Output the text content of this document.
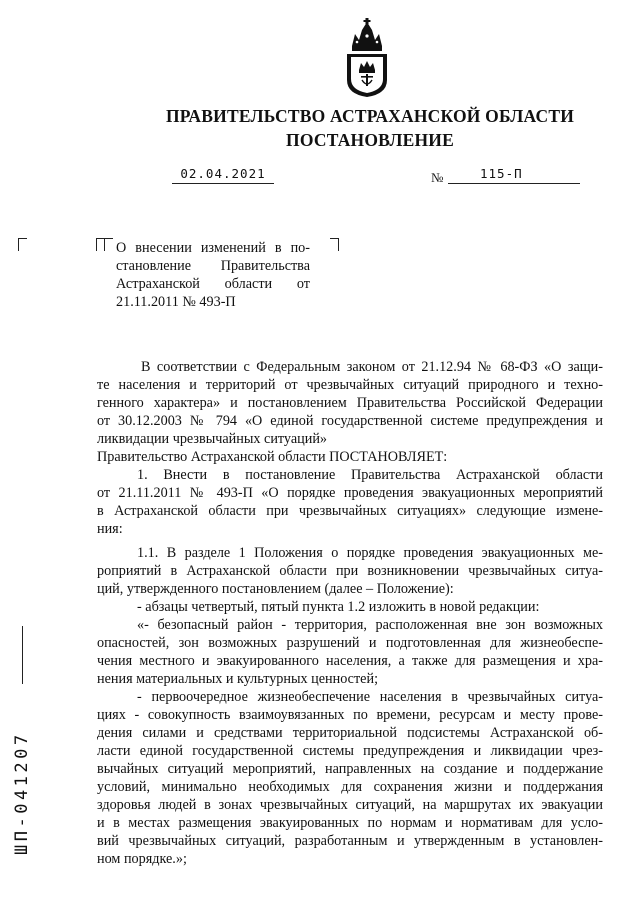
ПРАВИТЕЛЬСТВО АСТРАХАНСКОЙ ОБЛАСТИ
ПОСТАНОВЛЕНИЕ
02.04.2021	№	115-П
О внесении изменений в по-
становление Правительства
Астраханской области от
21.11.2011 № 493-П
В соответствии с Федеральным законом от 21.12.94 № 68-ФЗ «О защи-
те населения и территорий от чрезвычайных ситуаций природного и техно-
генного характера» и постановлением Правительства Российской Федерации
от 30.12.2003 № 794 «О единой государственной системе предупреждения и
ликвидации чрезвычайных ситуаций»
Правительство Астраханской области ПОСТАНОВЛЯЕТ:
1. Внести в постановление Правительства Астраханской области
от 21.11.2011 № 493-П «О порядке проведения эвакуационных мероприятий
в Астраханской области при чрезвычайных ситуациях» следующие измене-
ния:
1.1. В разделе 1 Положения о порядке проведения эвакуационных ме-
роприятий в Астраханской области при возникновении чрезвычайных ситуа-
ций, утвержденного постановлением (далее – Положение):
- абзацы четвертый, пятый пункта 1.2 изложить в новой редакции:
«- безопасный район - территория, расположенная вне зон возможных
опасностей, зон возможных разрушений и подготовленная для жизнеобеспе-
чения местного и эвакуированного населения, а также для размещения и хра-
нения материальных и культурных ценностей;
- первоочередное жизнеобеспечение населения в чрезвычайных ситуа-
циях - совокупность взаимоувязанных по времени, ресурсам и месту прове-
дения силами и средствами территориальной подсистемы Астраханской об-
ласти единой государственной системы предупреждения и ликвидации чрез-
вычайных ситуаций мероприятий, направленных на создание и поддержание
условий, минимально необходимых для сохранения жизни и поддержания
здоровья людей в зонах чрезвычайных ситуаций, на маршрутах их эвакуации
и в местах размещения эвакуированных по нормам и нормативам для усло-
вий чрезвычайных ситуаций, разработанным и утвержденным в установлен-
ном порядке.»;
ШП-041207
